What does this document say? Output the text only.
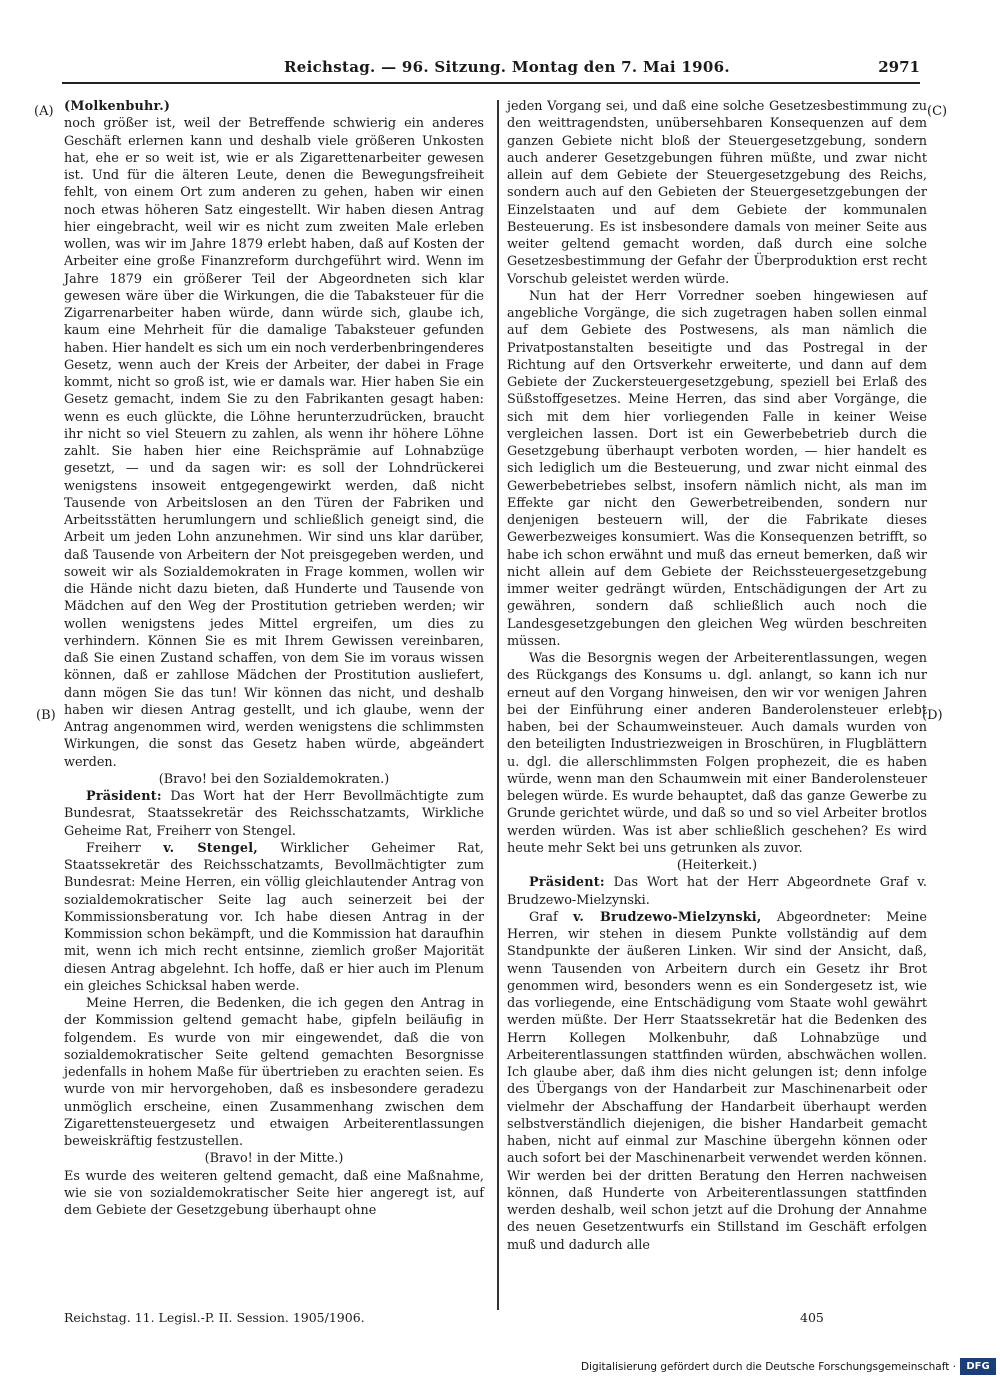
Reichstag. — 96. Sitzung. Montag den 7. Mai 1906.	2971
(A)
(B)
(C)
(D)

(Molkenbuhr.)

noch größer ist, weil der Betreffende schwierig ein anderes Geschäft erlernen kann und deshalb viele größeren Unkosten hat, ehe er so weit ist, wie er als Zigarettenarbeiter gewesen ist. Und für die älteren Leute, denen die Bewegungsfreiheit fehlt, von einem Ort zum anderen zu gehen, haben wir einen noch etwas höheren Satz eingestellt. Wir haben diesen Antrag hier eingebracht, weil wir es nicht zum zweiten Male erleben wollen, was wir im Jahre 1879 erlebt haben, daß auf Kosten der Arbeiter eine große Finanzreform durchgeführt wird. Wenn im Jahre 1879 ein größerer Teil der Abgeordneten sich klar gewesen wäre über die Wirkungen, die die Tabaksteuer für die Zigarrenarbeiter haben würde, dann würde sich, glaube ich, kaum eine Mehrheit für die damalige Tabaksteuer gefunden haben. Hier handelt es sich um ein noch verderbenbringenderes Gesetz, wenn auch der Kreis der Arbeiter, der dabei in Frage kommt, nicht so groß ist, wie er damals war. Hier haben Sie ein Gesetz gemacht, indem Sie zu den Fabrikanten gesagt haben: wenn es euch glückte, die Löhne herunterzudrücken, braucht ihr nicht so viel Steuern zu zahlen, als wenn ihr höhere Löhne zahlt. Sie haben hier eine Reichsprämie auf Lohnabzüge gesetzt, — und da sagen wir: es soll der Lohndrückerei wenigstens insoweit entgegengewirkt werden, daß nicht Tausende von Arbeitslosen an den Türen der Fabriken und Arbeitsstätten herumlungern und schließlich geneigt sind, die Arbeit um jeden Lohn anzunehmen. Wir sind uns klar darüber, daß Tausende von Arbeitern der Not preisgegeben werden, und soweit wir als Sozialdemokraten in Frage kommen, wollen wir die Hände nicht dazu bieten, daß Hunderte und Tausende von Mädchen auf den Weg der Prostitution getrieben werden; wir wollen wenigstens jedes Mittel ergreifen, um dies zu verhindern. Können Sie es mit Ihrem Gewissen vereinbaren, daß Sie einen Zustand schaffen, von dem Sie im voraus wissen können, daß er zahllose Mädchen der Prostitution ausliefert, dann mögen Sie das tun! Wir können das nicht, und deshalb haben wir diesen Antrag gestellt, und ich glaube, wenn der Antrag angenommen wird, werden wenigstens die schlimmsten Wirkungen, die sonst das Gesetz haben würde, abgeändert werden.

(Bravo! bei den Sozialdemokraten.)

Präsident: Das Wort hat der Herr Bevollmächtigte zum Bundesrat, Staatssekretär des Reichsschatzamts, Wirkliche Geheime Rat, Freiherr von Stengel.

Freiherr v. Stengel, Wirklicher Geheimer Rat, Staatssekretär des Reichsschatzamts, Bevollmächtigter zum Bundesrat: Meine Herren, ein völlig gleichlautender Antrag von sozialdemokratischer Seite lag auch seinerzeit bei der Kommissionsberatung vor. Ich habe diesen Antrag in der Kommission schon bekämpft, und die Kommission hat daraufhin mit, wenn ich mich recht entsinne, ziemlich großer Majorität diesen Antrag abgelehnt. Ich hoffe, daß er hier auch im Plenum ein gleiches Schicksal haben werde.

Meine Herren, die Bedenken, die ich gegen den Antrag in der Kommission geltend gemacht habe, gipfeln beiläufig in folgendem. Es wurde von mir eingewendet, daß die von sozialdemokratischer Seite geltend gemachten Besorgnisse jedenfalls in hohem Maße für übertrieben zu erachten seien. Es wurde von mir hervorgehoben, daß es insbesondere geradezu unmöglich erscheine, einen Zusammenhang zwischen dem Zigarettensteuergesetz und etwaigen Arbeiterentlassungen beweiskräftig festzustellen.

(Bravo! in der Mitte.)

Es wurde des weiteren geltend gemacht, daß eine Maßnahme, wie sie von sozialdemokratischer Seite hier angeregt ist, auf dem Gebiete der Gesetzgebung überhaupt ohne

jeden Vorgang sei, und daß eine solche Gesetzesbestimmung zu den weittragendsten, unübersehbaren Konsequenzen auf dem ganzen Gebiete nicht bloß der Steuergesetzgebung, sondern auch anderer Gesetzgebungen führen müßte, und zwar nicht allein auf dem Gebiete der Steuergesetzgebung des Reichs, sondern auch auf den Gebieten der Steuergesetzgebungen der Einzelstaaten und auf dem Gebiete der kommunalen Besteuerung. Es ist insbesondere damals von meiner Seite aus weiter geltend gemacht worden, daß durch eine solche Gesetzesbestimmung der Gefahr der Überproduktion erst recht Vorschub geleistet werden würde.

Nun hat der Herr Vorredner soeben hingewiesen auf angebliche Vorgänge, die sich zugetragen haben sollen einmal auf dem Gebiete des Postwesens, als man nämlich die Privatpostanstalten beseitigte und das Postregal in der Richtung auf den Ortsverkehr erweiterte, und dann auf dem Gebiete der Zuckersteuergesetzgebung, speziell bei Erlaß des Süßstoffgesetzes. Meine Herren, das sind aber Vorgänge, die sich mit dem hier vorliegenden Falle in keiner Weise vergleichen lassen. Dort ist ein Gewerbebetrieb durch die Gesetzgebung überhaupt verboten worden, — hier handelt es sich lediglich um die Besteuerung, und zwar nicht einmal des Gewerbebetriebes selbst, insofern nämlich nicht, als man im Effekte gar nicht den Gewerbetreibenden, sondern nur denjenigen besteuern will, der die Fabrikate dieses Gewerbezweiges konsumiert. Was die Konsequenzen betrifft, so habe ich schon erwähnt und muß das erneut bemerken, daß wir nicht allein auf dem Gebiete der Reichssteuergesetzgebung immer weiter gedrängt würden, Entschädigungen der Art zu gewähren, sondern daß schließlich auch noch die Landesgesetzgebungen den gleichen Weg würden beschreiten müssen.

Was die Besorgnis wegen der Arbeiterentlassungen, wegen des Rückgangs des Konsums u. dgl. anlangt, so kann ich nur erneut auf den Vorgang hinweisen, den wir vor wenigen Jahren bei der Einführung einer anderen Banderolensteuer erlebt haben, bei der Schaumweinsteuer. Auch damals wurden von den beteiligten Industriezweigen in Broschüren, in Flugblättern u. dgl. die allerschlimmsten Folgen prophezeit, die es haben würde, wenn man den Schaumwein mit einer Banderolensteuer belegen würde. Es wurde behauptet, daß das ganze Gewerbe zu Grunde gerichtet würde, und daß so und so viel Arbeiter brotlos werden würden. Was ist aber schließlich geschehen? Es wird heute mehr Sekt bei uns getrunken als zuvor.

(Heiterkeit.)

Präsident: Das Wort hat der Herr Abgeordnete Graf v. Brudzewo-Mielzynski.

Graf v. Brudzewo-Mielzynski, Abgeordneter: Meine Herren, wir stehen in diesem Punkte vollständig auf dem Standpunkte der äußeren Linken. Wir sind der Ansicht, daß, wenn Tausenden von Arbeitern durch ein Gesetz ihr Brot genommen wird, besonders wenn es ein Sondergesetz ist, wie das vorliegende, eine Entschädigung vom Staate wohl gewährt werden müßte. Der Herr Staatssekretär hat die Bedenken des Herrn Kollegen Molkenbuhr, daß Lohnabzüge und Arbeiterentlassungen stattfinden würden, abschwächen wollen. Ich glaube aber, daß ihm dies nicht gelungen ist; denn infolge des Übergangs von der Handarbeit zur Maschinenarbeit oder vielmehr der Abschaffung der Handarbeit überhaupt werden selbstverständlich diejenigen, die bisher Handarbeit gemacht haben, nicht auf einmal zur Maschine übergehn können oder auch sofort bei der Maschinenarbeit verwendet werden können. Wir werden bei der dritten Beratung den Herren nachweisen können, daß Hunderte von Arbeiterentlassungen stattfinden werden deshalb, weil schon jetzt auf die Drohung der Annahme des neuen Gesetzentwurfs ein Stillstand im Geschäft erfolgen muß und dadurch alle

Reichstag. 11. Legisl.-P. II. Session. 1905/1906.	405
Digitalisierung gefördert durch die Deutsche Forschungsgemeinschaft ·	DFG
